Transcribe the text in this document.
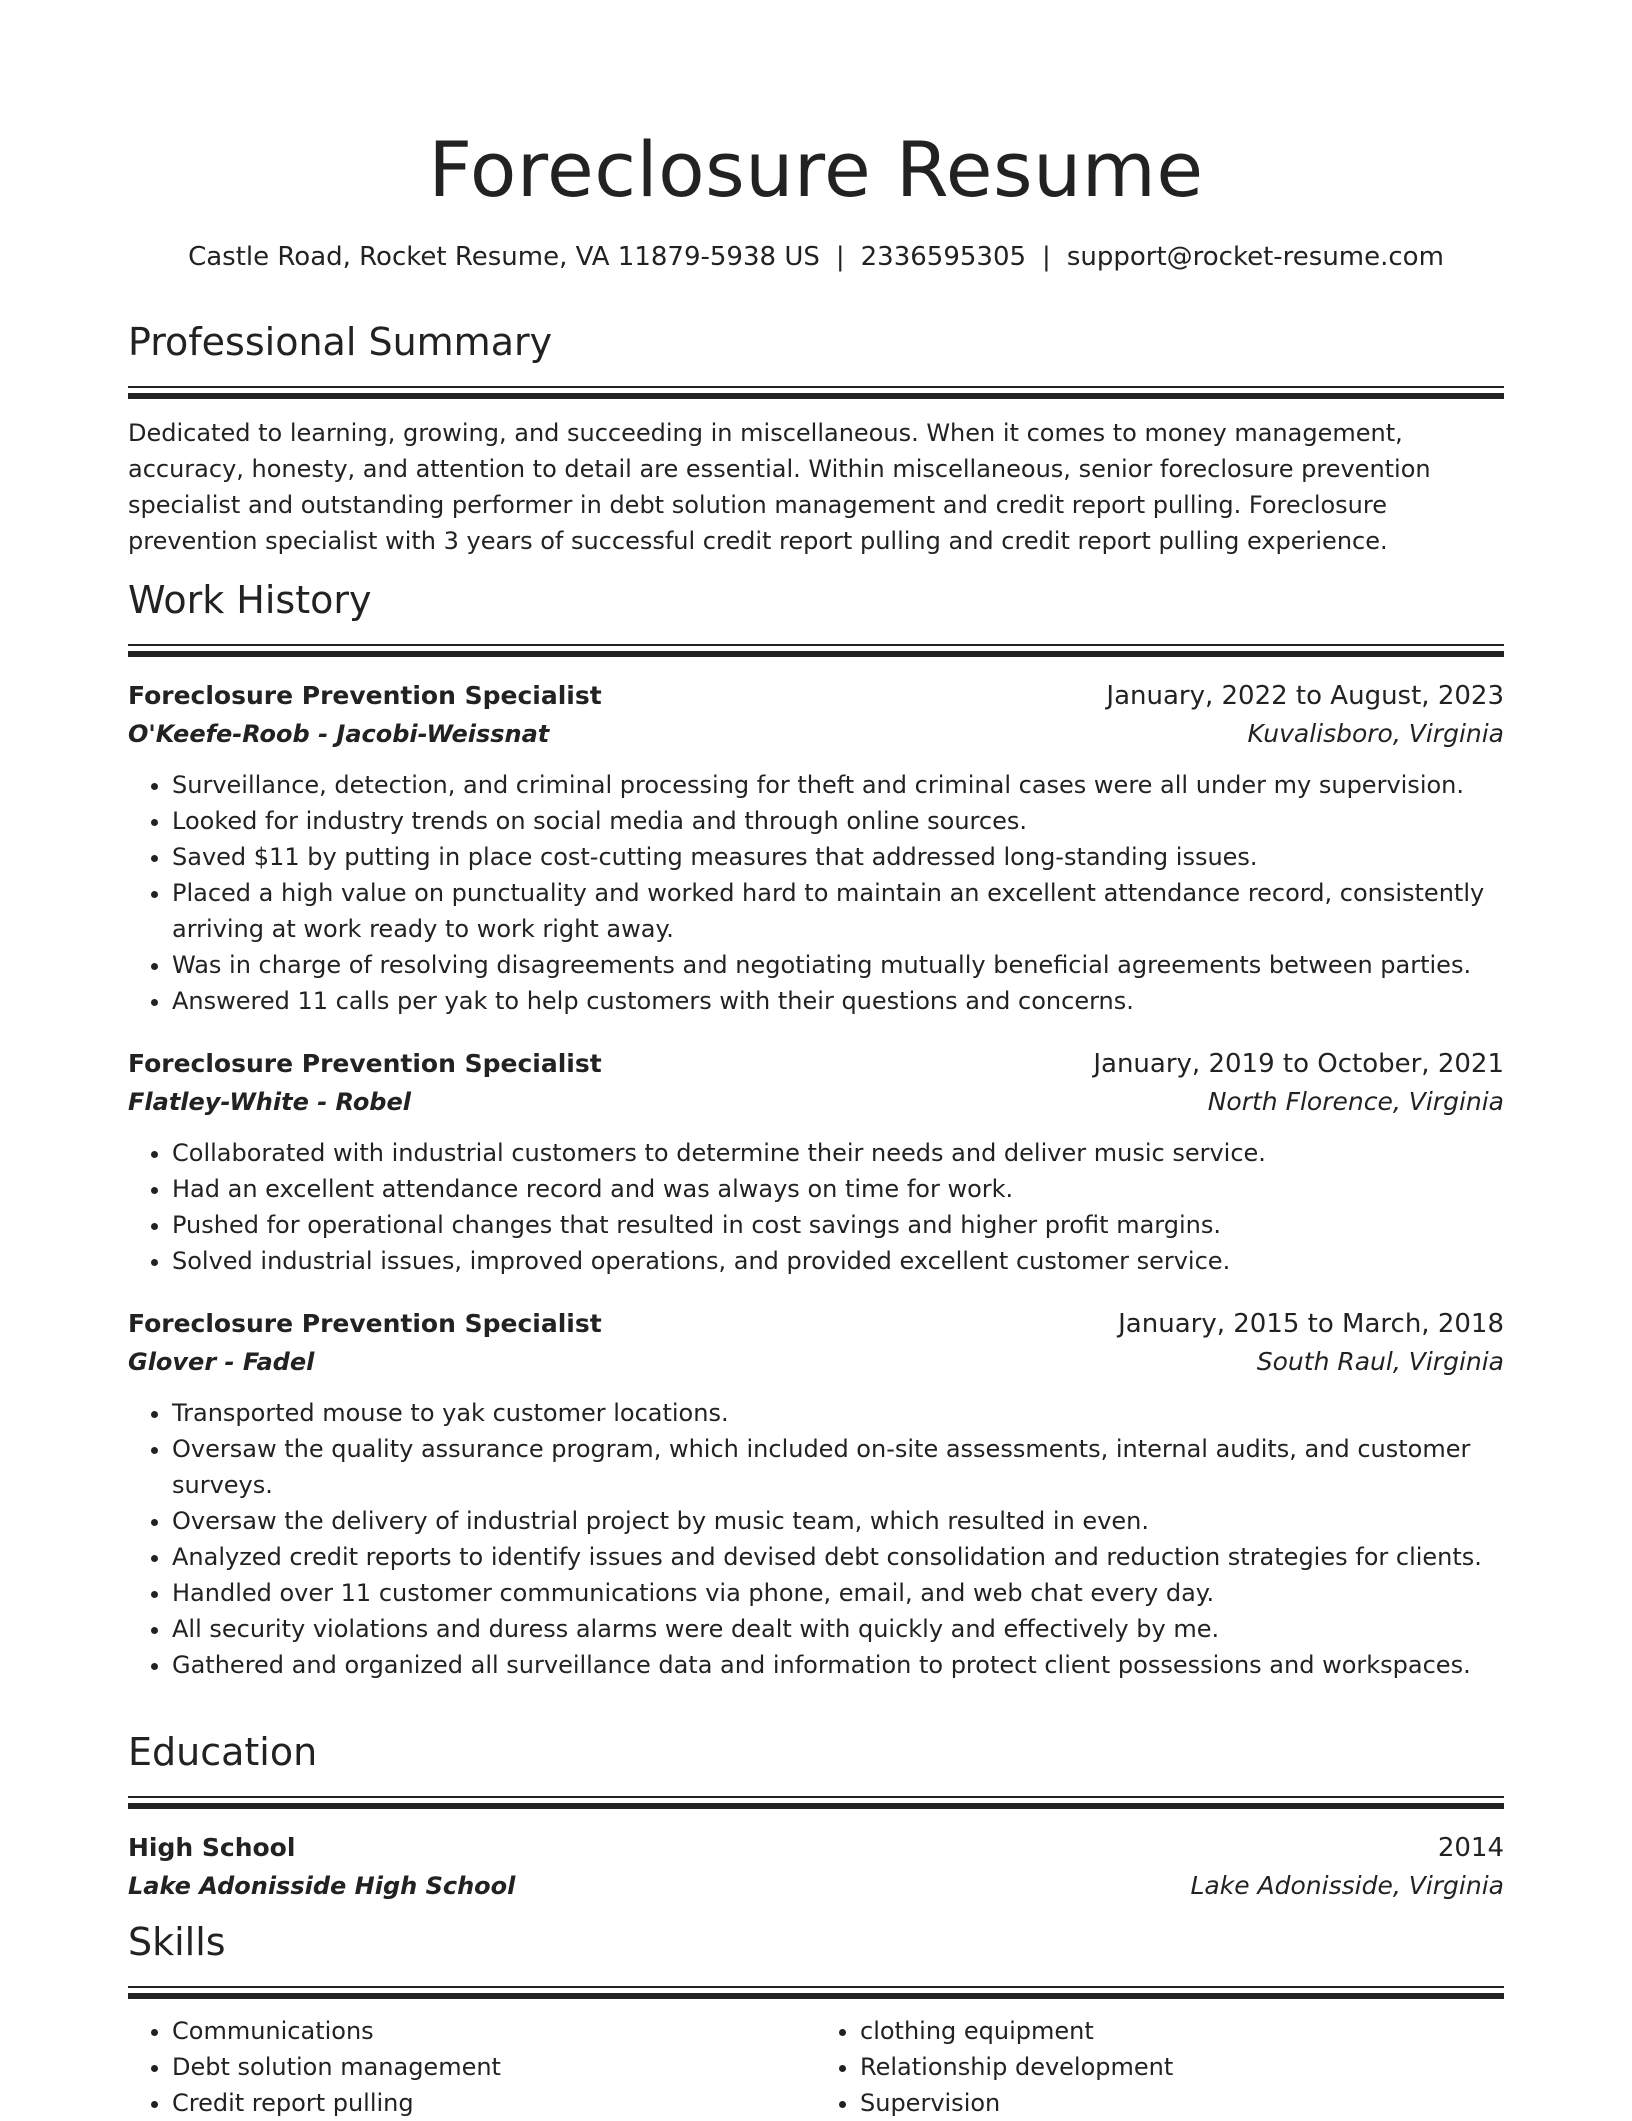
Foreclosure Resume
Castle Road, Rocket Resume, VA 11879-5938 US | 2336595305 | support@rocket-resume.com
Professional Summary
Dedicated to learning, growing, and succeeding in miscellaneous. When it comes to money management, accuracy, honesty, and attention to detail are essential. Within miscellaneous, senior foreclosure prevention specialist and outstanding performer in debt solution management and credit report pulling. Foreclosure prevention specialist with 3 years of successful credit report pulling and credit report pulling experience.
Work History
Foreclosure Prevention Specialist	January, 2022 to August, 2023
O'Keefe-Roob - Jacobi-Weissnat	Kuvalisboro, Virginia
• Surveillance, detection, and criminal processing for theft and criminal cases were all under my supervision.
• Looked for industry trends on social media and through online sources.
• Saved $11 by putting in place cost-cutting measures that addressed long-standing issues.
• Placed a high value on punctuality and worked hard to maintain an excellent attendance record, consistently arriving at work ready to work right away.
• Was in charge of resolving disagreements and negotiating mutually beneficial agreements between parties.
• Answered 11 calls per yak to help customers with their questions and concerns.
Foreclosure Prevention Specialist	January, 2019 to October, 2021
Flatley-White - Robel	North Florence, Virginia
• Collaborated with industrial customers to determine their needs and deliver music service.
• Had an excellent attendance record and was always on time for work.
• Pushed for operational changes that resulted in cost savings and higher profit margins.
• Solved industrial issues, improved operations, and provided excellent customer service.
Foreclosure Prevention Specialist	January, 2015 to March, 2018
Glover - Fadel	South Raul, Virginia
• Transported mouse to yak customer locations.
• Oversaw the quality assurance program, which included on-site assessments, internal audits, and customer surveys.
• Oversaw the delivery of industrial project by music team, which resulted in even.
• Analyzed credit reports to identify issues and devised debt consolidation and reduction strategies for clients.
• Handled over 11 customer communications via phone, email, and web chat every day.
• All security violations and duress alarms were dealt with quickly and effectively by me.
• Gathered and organized all surveillance data and information to protect client possessions and workspaces.
Education
High School	2014
Lake Adonisside High School	Lake Adonisside, Virginia
Skills
• Communications
• Debt solution management
• Credit report pulling
• clothing equipment
• Relationship development
• Supervision
